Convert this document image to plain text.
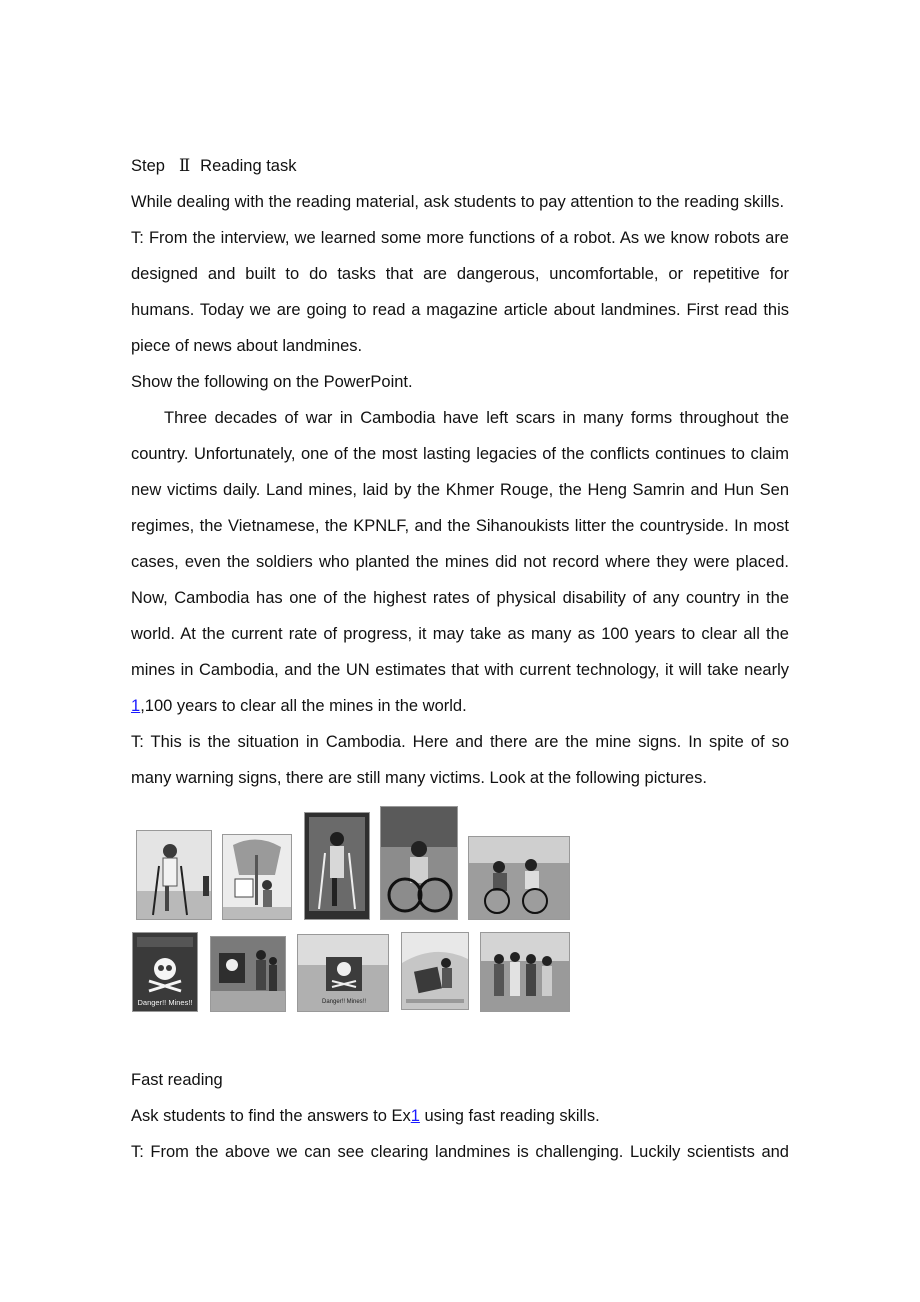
Step Ⅱ Reading task

While dealing with the reading material, ask students to pay attention to the reading skills.

T: From the interview, we learned some more functions of a robot. As we know robots are designed and built to do tasks that are dangerous, uncomfortable, or repetitive for humans. Today we are going to read a magazine article about landmines. First read this piece of news about landmines.

Show the following on the PowerPoint.

Three decades of war in Cambodia have left scars in many forms throughout the country. Unfortunately, one of the most lasting legacies of the conflicts continues to claim new victims daily. Land mines, laid by the Khmer Rouge, the Heng Samrin and Hun Sen regimes, the Vietnamese, the KPNLF, and the Sihanoukists litter the countryside. In most cases, even the soldiers who planted the mines did not record where they were placed. Now, Cambodia has one of the highest rates of physical disability of any country in the world. At the current rate of progress, it may take as many as 100 years to clear all the mines in Cambodia, and the UN estimates that with current technology, it will take nearly 1,100 years to clear all the mines in the world.

T: This is the situation in Cambodia. Here and there are the mine signs. In spite of so many warning signs, there are still many victims. Look at the following pictures.

Danger!! Mines!!	Danger!! Mines!!

Fast reading

Ask students to find the answers to Ex1 using fast reading skills.

T: From the above we can see clearing landmines is challenging. Luckily scientists and
